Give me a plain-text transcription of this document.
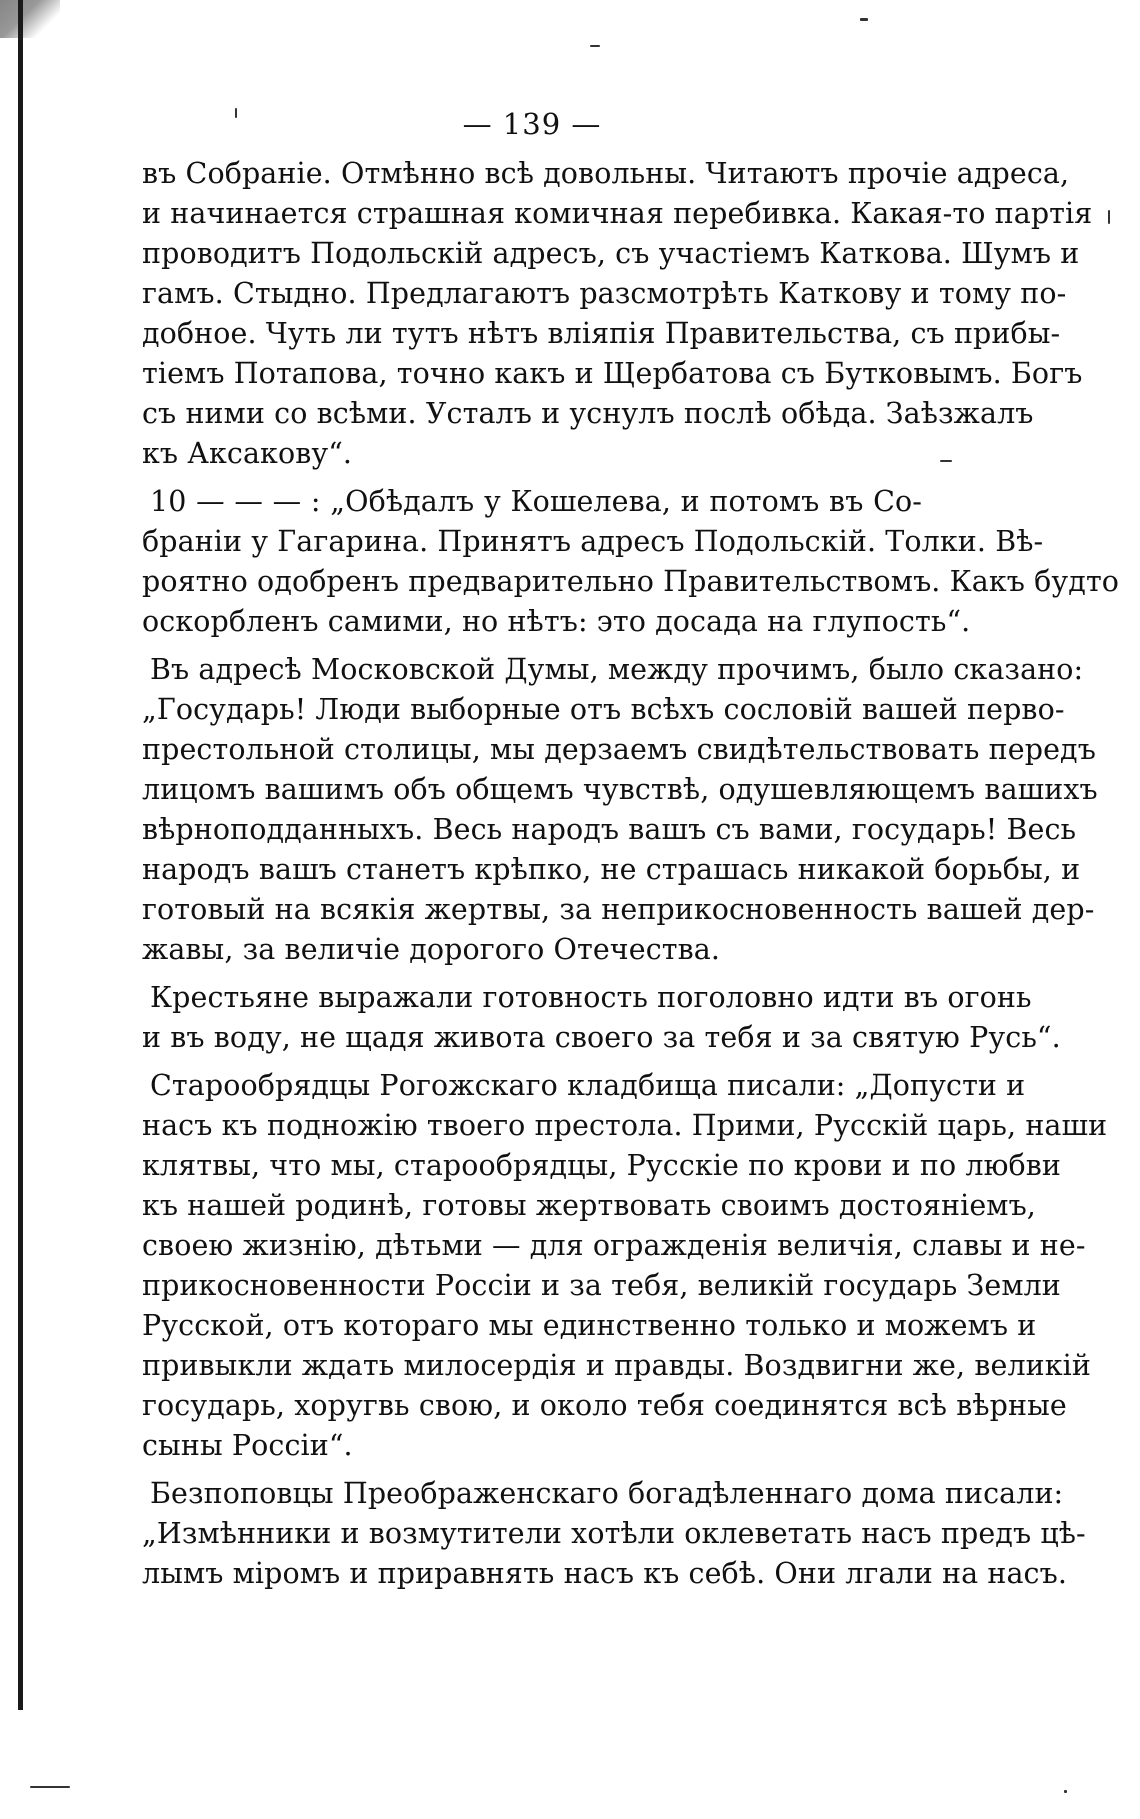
— 139 —
въ Собраніе. Отмѣнно всѣ довольны. Читаютъ прочіе адреса,
и начинается страшная комичная перебивка. Какая-то партія
проводитъ Подольскій адресъ, съ участіемъ Каткова. Шумъ и
гамъ. Стыдно. Предлагаютъ разсмотрѣть Каткову и тому по-
добное. Чуть ли тутъ нѣтъ вліяпія Правительства, съ прибы-
тіемъ Потапова, точно какъ и Щербатова съ Бутковымъ. Богъ
съ ними со всѣми. Усталъ и уснулъ послѣ обѣда. Заѣзжалъ
къ Аксакову“.
10 — — — : „Обѣдалъ у Кошелева, и потомъ въ Со-
браніи у Гагарина. Принятъ адресъ Подольскій. Толки. Вѣ-
роятно одобренъ предварительно Правительствомъ. Какъ будто
оскорбленъ самими, но нѣтъ: это досада на глупость“.
Въ адресѣ Московской Думы, между прочимъ, было сказано:
„Государь! Люди выборные отъ всѣхъ сословій вашей перво-
престольной столицы, мы дерзаемъ свидѣтельствовать передъ
лицомъ вашимъ объ общемъ чувствѣ, одушевляющемъ вашихъ
вѣрноподданныхъ. Весь народъ вашъ съ вами, государь! Весь
народъ вашъ станетъ крѣпко, не страшась никакой борьбы, и
готовый на всякія жертвы, за неприкосновенность вашей дер-
жавы, за величіе дорогого Отечества.
Крестьяне выражали готовность поголовно идти въ огонь
и въ воду, не щадя живота своего за тебя и за святую Русь“.
Старообрядцы Рогожскаго кладбища писали: „Допусти и
насъ къ подножію твоего престола. Прими, Русскій царь, наши
клятвы, что мы, старообрядцы, Русскіе по крови и по любви
къ нашей родинѣ, готовы жертвовать своимъ достояніемъ,
своею жизнію, дѣтьми — для огражденія величія, славы и не-
прикосновенности Россіи и за тебя, великій государь Земли
Русской, отъ котораго мы единственно только и можемъ и
привыкли ждать милосердія и правды. Воздвигни же, великій
государь, хоругвь свою, и около тебя соединятся всѣ вѣрные
сыны Россіи“.
Безпоповцы Преображенскаго богадѣленнаго дома писали:
„Измѣнники и возмутители хотѣли оклеветать насъ предъ цѣ-
лымъ міромъ и приравнять насъ къ себѣ. Они лгали на насъ.
